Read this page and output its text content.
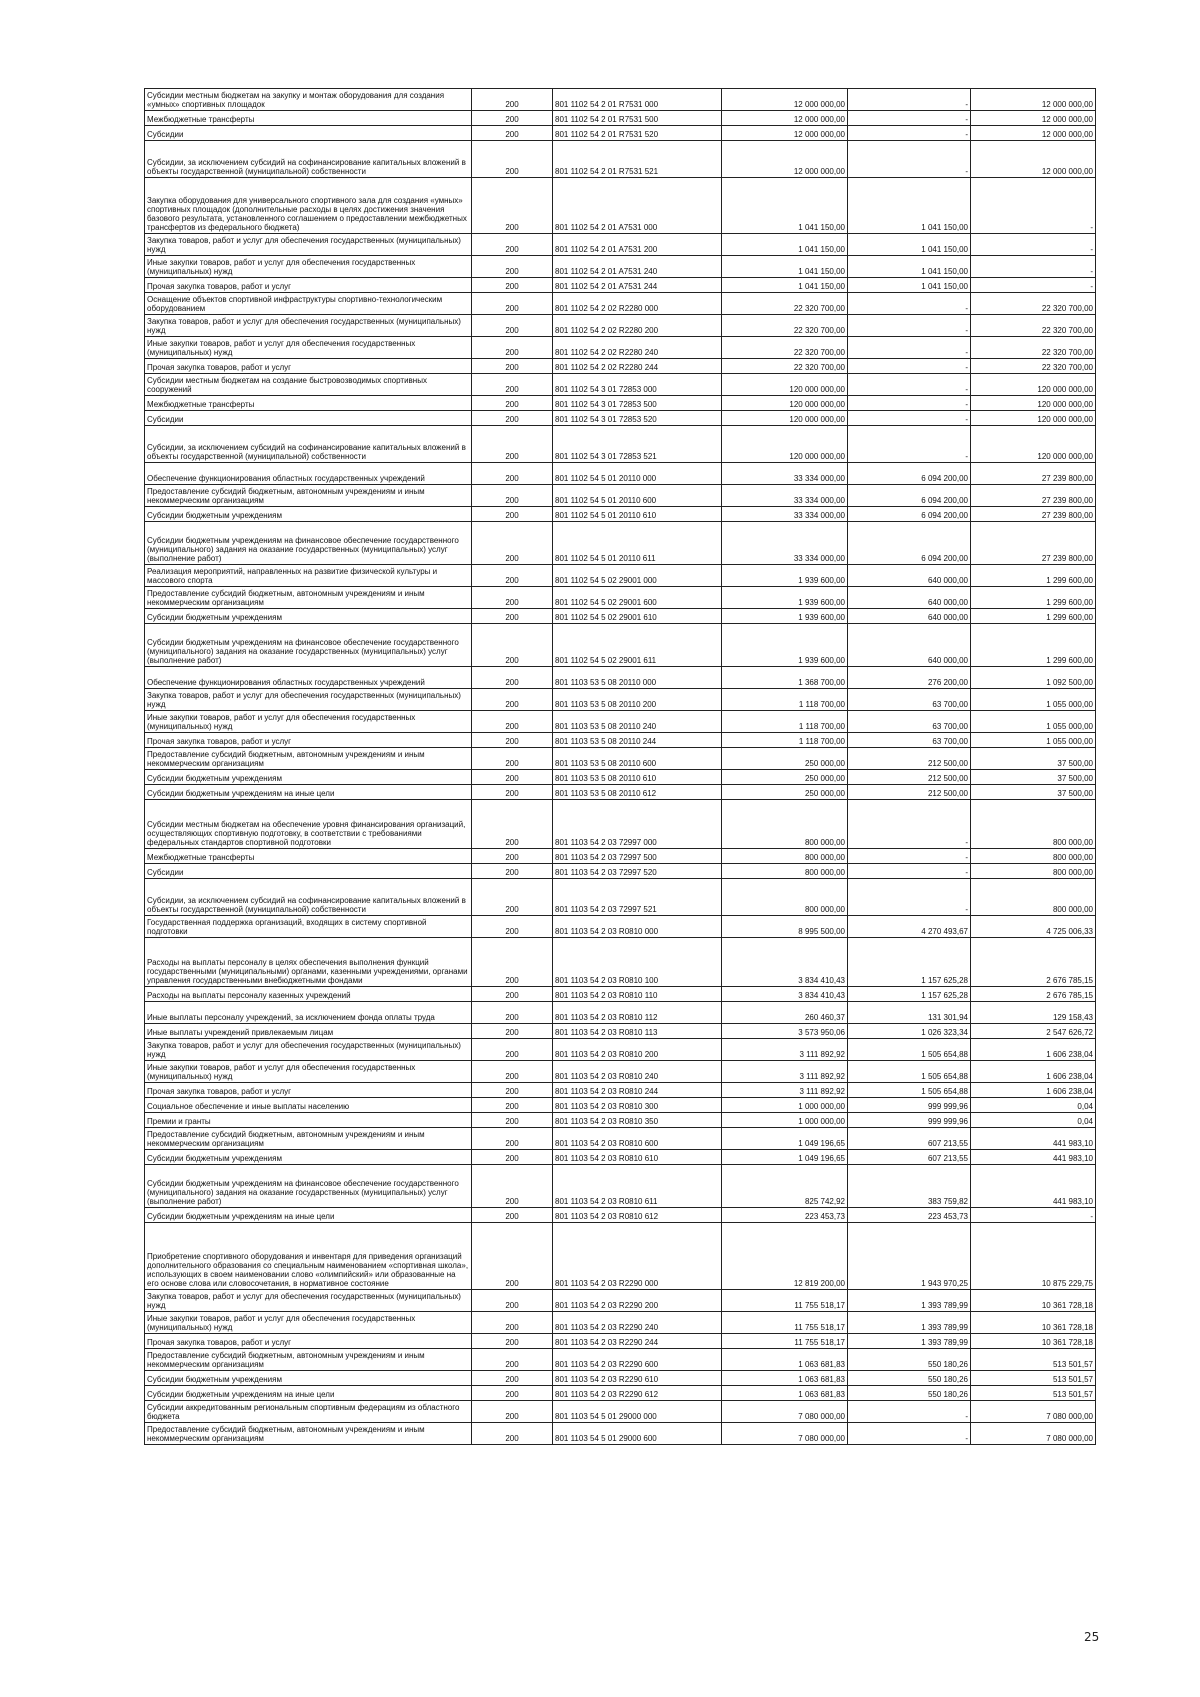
Субсидии местным бюджетам на закупку и монтаж оборудования для создания «умных» спортивных площадок	200	801 1102 54 2 01 R7531 000	12 000 000,00	-	12 000 000,00
Межбюджетные трансферты	200	801 1102 54 2 01 R7531 500	12 000 000,00	-	12 000 000,00
Субсидии	200	801 1102 54 2 01 R7531 520	12 000 000,00	-	12 000 000,00
Субсидии, за исключением субсидий на софинансирование капитальных вложений в объекты государственной (муниципальной) собственности	200	801 1102 54 2 01 R7531 521	12 000 000,00	-	12 000 000,00
Закупка оборудования для универсального спортивного зала для создания «умных» спортивных площадок (дополнительные расходы в целях достижения значения базового результата, установленного соглашением о предоставлении межбюджетных трансфертов из федерального бюджета)	200	801 1102 54 2 01 A7531 000	1 041 150,00	1 041 150,00	-
Закупка товаров, работ и услуг для обеспечения государственных (муниципальных) нужд	200	801 1102 54 2 01 A7531 200	1 041 150,00	1 041 150,00	-
Иные закупки товаров, работ и услуг для обеспечения государственных (муниципальных) нужд	200	801 1102 54 2 01 A7531 240	1 041 150,00	1 041 150,00	-
Прочая закупка товаров, работ и услуг	200	801 1102 54 2 01 A7531 244	1 041 150,00	1 041 150,00	-
Оснащение объектов спортивной инфраструктуры спортивно-технологическим оборудованием	200	801 1102 54 2 02 R2280 000	22 320 700,00	-	22 320 700,00
Закупка товаров, работ и услуг для обеспечения государственных (муниципальных) нужд	200	801 1102 54 2 02 R2280 200	22 320 700,00	-	22 320 700,00
Иные закупки товаров, работ и услуг для обеспечения государственных (муниципальных) нужд	200	801 1102 54 2 02 R2280 240	22 320 700,00	-	22 320 700,00
Прочая закупка товаров, работ и услуг	200	801 1102 54 2 02 R2280 244	22 320 700,00	-	22 320 700,00
Субсидии местным бюджетам на создание быстровозводимых спортивных сооружений	200	801 1102 54 3 01 72853 000	120 000 000,00	-	120 000 000,00
Межбюджетные трансферты	200	801 1102 54 3 01 72853 500	120 000 000,00	-	120 000 000,00
Субсидии	200	801 1102 54 3 01 72853 520	120 000 000,00	-	120 000 000,00
Субсидии, за исключением субсидий на софинансирование капитальных вложений в объекты государственной (муниципальной) собственности	200	801 1102 54 3 01 72853 521	120 000 000,00	-	120 000 000,00
Обеспечение функционирования областных государственных учреждений	200	801 1102 54 5 01 20110 000	33 334 000,00	6 094 200,00	27 239 800,00
Предоставление субсидий бюджетным, автономным учреждениям и иным некоммерческим организациям	200	801 1102 54 5 01 20110 600	33 334 000,00	6 094 200,00	27 239 800,00
Субсидии бюджетным учреждениям	200	801 1102 54 5 01 20110 610	33 334 000,00	6 094 200,00	27 239 800,00
Субсидии бюджетным учреждениям на финансовое обеспечение государственного (муниципального) задания на оказание государственных (муниципальных) услуг (выполнение работ)	200	801 1102 54 5 01 20110 611	33 334 000,00	6 094 200,00	27 239 800,00
Реализация мероприятий, направленных на развитие физической культуры и массового спорта	200	801 1102 54 5 02 29001 000	1 939 600,00	640 000,00	1 299 600,00
Предоставление субсидий бюджетным, автономным учреждениям и иным некоммерческим организациям	200	801 1102 54 5 02 29001 600	1 939 600,00	640 000,00	1 299 600,00
Субсидии бюджетным учреждениям	200	801 1102 54 5 02 29001 610	1 939 600,00	640 000,00	1 299 600,00
Субсидии бюджетным учреждениям на финансовое обеспечение государственного (муниципального) задания на оказание государственных (муниципальных) услуг (выполнение работ)	200	801 1102 54 5 02 29001 611	1 939 600,00	640 000,00	1 299 600,00
Обеспечение функционирования областных государственных учреждений	200	801 1103 53 5 08 20110 000	1 368 700,00	276 200,00	1 092 500,00
Закупка товаров, работ и услуг для обеспечения государственных (муниципальных) нужд	200	801 1103 53 5 08 20110 200	1 118 700,00	63 700,00	1 055 000,00
Иные закупки товаров, работ и услуг для обеспечения государственных (муниципальных) нужд	200	801 1103 53 5 08 20110 240	1 118 700,00	63 700,00	1 055 000,00
Прочая закупка товаров, работ и услуг	200	801 1103 53 5 08 20110 244	1 118 700,00	63 700,00	1 055 000,00
Предоставление субсидий бюджетным, автономным учреждениям и иным некоммерческим организациям	200	801 1103 53 5 08 20110 600	250 000,00	212 500,00	37 500,00
Субсидии бюджетным учреждениям	200	801 1103 53 5 08 20110 610	250 000,00	212 500,00	37 500,00
Субсидии бюджетным учреждениям на иные цели	200	801 1103 53 5 08 20110 612	250 000,00	212 500,00	37 500,00
Субсидии местным бюджетам на обеспечение уровня финансирования организаций, осуществляющих спортивную подготовку, в соответствии с требованиями федеральных стандартов спортивной подготовки	200	801 1103 54 2 03 72997 000	800 000,00	-	800 000,00
Межбюджетные трансферты	200	801 1103 54 2 03 72997 500	800 000,00	-	800 000,00
Субсидии	200	801 1103 54 2 03 72997 520	800 000,00	-	800 000,00
Субсидии, за исключением субсидий на софинансирование капитальных вложений в объекты государственной (муниципальной) собственности	200	801 1103 54 2 03 72997 521	800 000,00	-	800 000,00
Государственная поддержка организаций, входящих в систему спортивной подготовки	200	801 1103 54 2 03 R0810 000	8 995 500,00	4 270 493,67	4 725 006,33
Расходы на выплаты персоналу в целях обеспечения выполнения функций государственными (муниципальными) органами, казенными учреждениями, органами управления государственными внебюджетными фондами	200	801 1103 54 2 03 R0810 100	3 834 410,43	1 157 625,28	2 676 785,15
Расходы на выплаты персоналу казенных учреждений	200	801 1103 54 2 03 R0810 110	3 834 410,43	1 157 625,28	2 676 785,15
Иные выплаты персоналу учреждений, за исключением фонда оплаты труда	200	801 1103 54 2 03 R0810 112	260 460,37	131 301,94	129 158,43
Иные выплаты учреждений привлекаемым лицам	200	801 1103 54 2 03 R0810 113	3 573 950,06	1 026 323,34	2 547 626,72
Закупка товаров, работ и услуг для обеспечения государственных (муниципальных) нужд	200	801 1103 54 2 03 R0810 200	3 111 892,92	1 505 654,88	1 606 238,04
Иные закупки товаров, работ и услуг для обеспечения государственных (муниципальных) нужд	200	801 1103 54 2 03 R0810 240	3 111 892,92	1 505 654,88	1 606 238,04
Прочая закупка товаров, работ и услуг	200	801 1103 54 2 03 R0810 244	3 111 892,92	1 505 654,88	1 606 238,04
Социальное обеспечение и иные выплаты населению	200	801 1103 54 2 03 R0810 300	1 000 000,00	999 999,96	0,04
Премии и гранты	200	801 1103 54 2 03 R0810 350	1 000 000,00	999 999,96	0,04
Предоставление субсидий бюджетным, автономным учреждениям и иным некоммерческим организациям	200	801 1103 54 2 03 R0810 600	1 049 196,65	607 213,55	441 983,10
Субсидии бюджетным учреждениям	200	801 1103 54 2 03 R0810 610	1 049 196,65	607 213,55	441 983,10
Субсидии бюджетным учреждениям на финансовое обеспечение государственного (муниципального) задания на оказание государственных (муниципальных) услуг (выполнение работ)	200	801 1103 54 2 03 R0810 611	825 742,92	383 759,82	441 983,10
Субсидии бюджетным учреждениям на иные цели	200	801 1103 54 2 03 R0810 612	223 453,73	223 453,73	-
Приобретение спортивного оборудования и инвентаря для приведения организаций дополнительного образования со специальным наименованием «спортивная школа», использующих в своем наименовании слово «олимпийский» или образованные на его основе слова или словосочетания, в нормативное состояние	200	801 1103 54 2 03 R2290 000	12 819 200,00	1 943 970,25	10 875 229,75
Закупка товаров, работ и услуг для обеспечения государственных (муниципальных) нужд	200	801 1103 54 2 03 R2290 200	11 755 518,17	1 393 789,99	10 361 728,18
Иные закупки товаров, работ и услуг для обеспечения государственных (муниципальных) нужд	200	801 1103 54 2 03 R2290 240	11 755 518,17	1 393 789,99	10 361 728,18
Прочая закупка товаров, работ и услуг	200	801 1103 54 2 03 R2290 244	11 755 518,17	1 393 789,99	10 361 728,18
Предоставление субсидий бюджетным, автономным учреждениям и иным некоммерческим организациям	200	801 1103 54 2 03 R2290 600	1 063 681,83	550 180,26	513 501,57
Субсидии бюджетным учреждениям	200	801 1103 54 2 03 R2290 610	1 063 681,83	550 180,26	513 501,57
Субсидии бюджетным учреждениям на иные цели	200	801 1103 54 2 03 R2290 612	1 063 681,83	550 180,26	513 501,57
Субсидии аккредитованным региональным спортивным федерациям из областного бюджета	200	801 1103 54 5 01 29000 000	7 080 000,00	-	7 080 000,00
Предоставление субсидий бюджетным, автономным учреждениям и иным некоммерческим организациям	200	801 1103 54 5 01 29000 600	7 080 000,00	-	7 080 000,00
25
